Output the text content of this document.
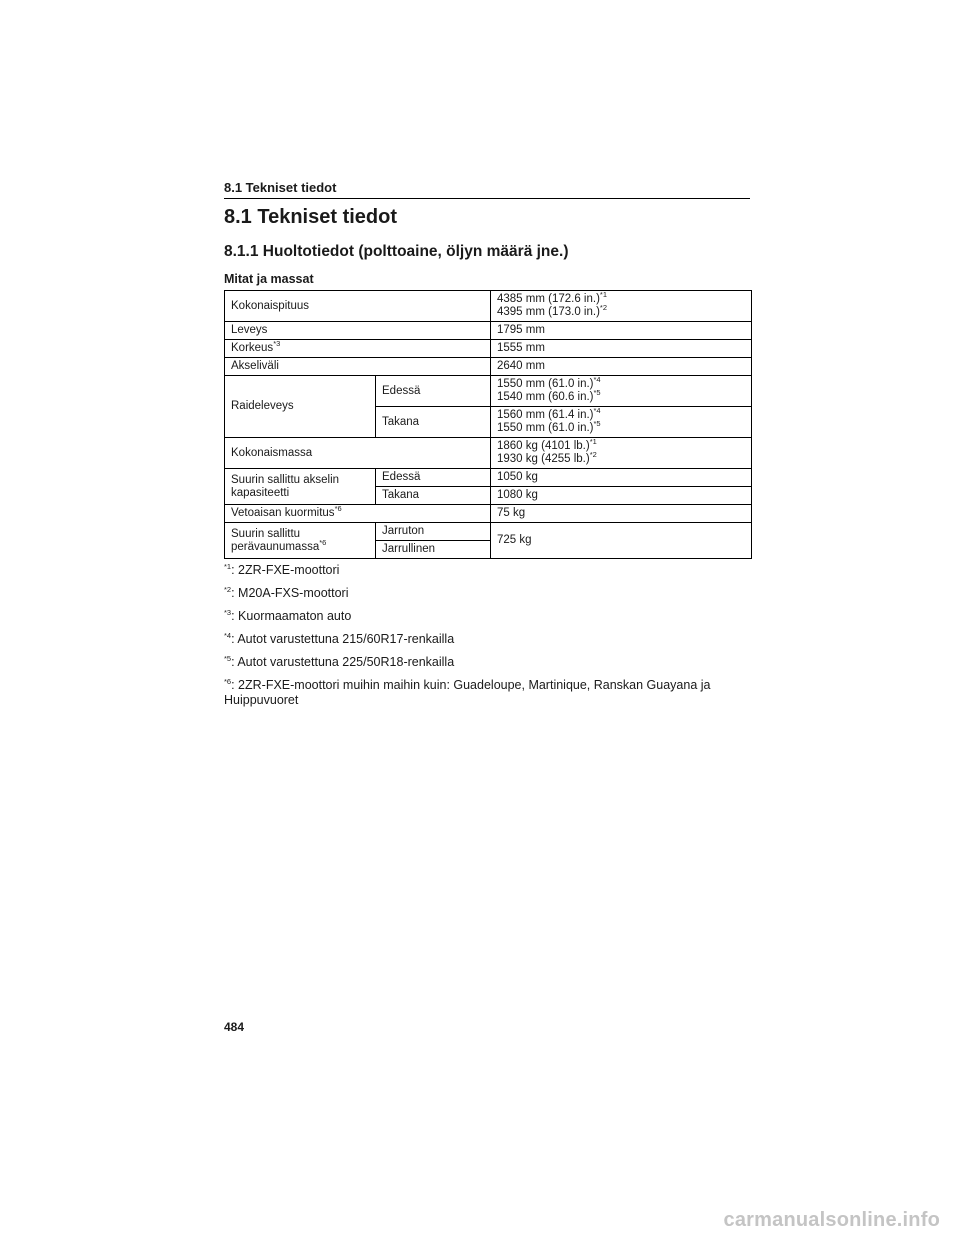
8.1 Tekniset tiedot
8.1 Tekniset tiedot
8.1.1 Huoltotiedot (polttoaine, öljyn määrä jne.)
Mitat ja massat
Kokonaispituus		4385 mm (172.6 in.)$^{*1}$
4395 mm (173.0 in.)$^{*2}$
Leveys		1795 mm
Korkeus$^{*3}$		1555 mm
Akseliväli		2640 mm
Raideleveys	Edessä	1550 mm (61.0 in.)$^{*4}$
1540 mm (60.6 in.)$^{*5}$
	Takana	1560 mm (61.4 in.)$^{*4}$
1550 mm (61.0 in.)$^{*5}$
Kokonaismassa		1860 kg (4101 lb.)$^{*1}$
1930 kg (4255 lb.)$^{*2}$
Suurin sallittu akselin kapasiteetti	Edessä	1050 kg
	Takana	1080 kg
Vetoaisan kuormitus$^{*6}$		75 kg
Suurin sallittu perävaunumassa$^{*6}$	Jarruton	725 kg
	Jarrullinen	

$^{*1}$: 2ZR-FXE-moottori

$^{*2}$: M20A-FXS-moottori

$^{*3}$: Kuormaamaton auto

$^{*4}$: Autot varustettuna 215/60R17-renkailla

$^{*5}$: Autot varustettuna 225/50R18-renkailla

$^{*6}$: 2ZR-FXE-moottori muihin maihin kuin: Guadeloupe, Martinique, Ranskan Guayana ja Huippuvuoret

484
carmanualsonline.info
